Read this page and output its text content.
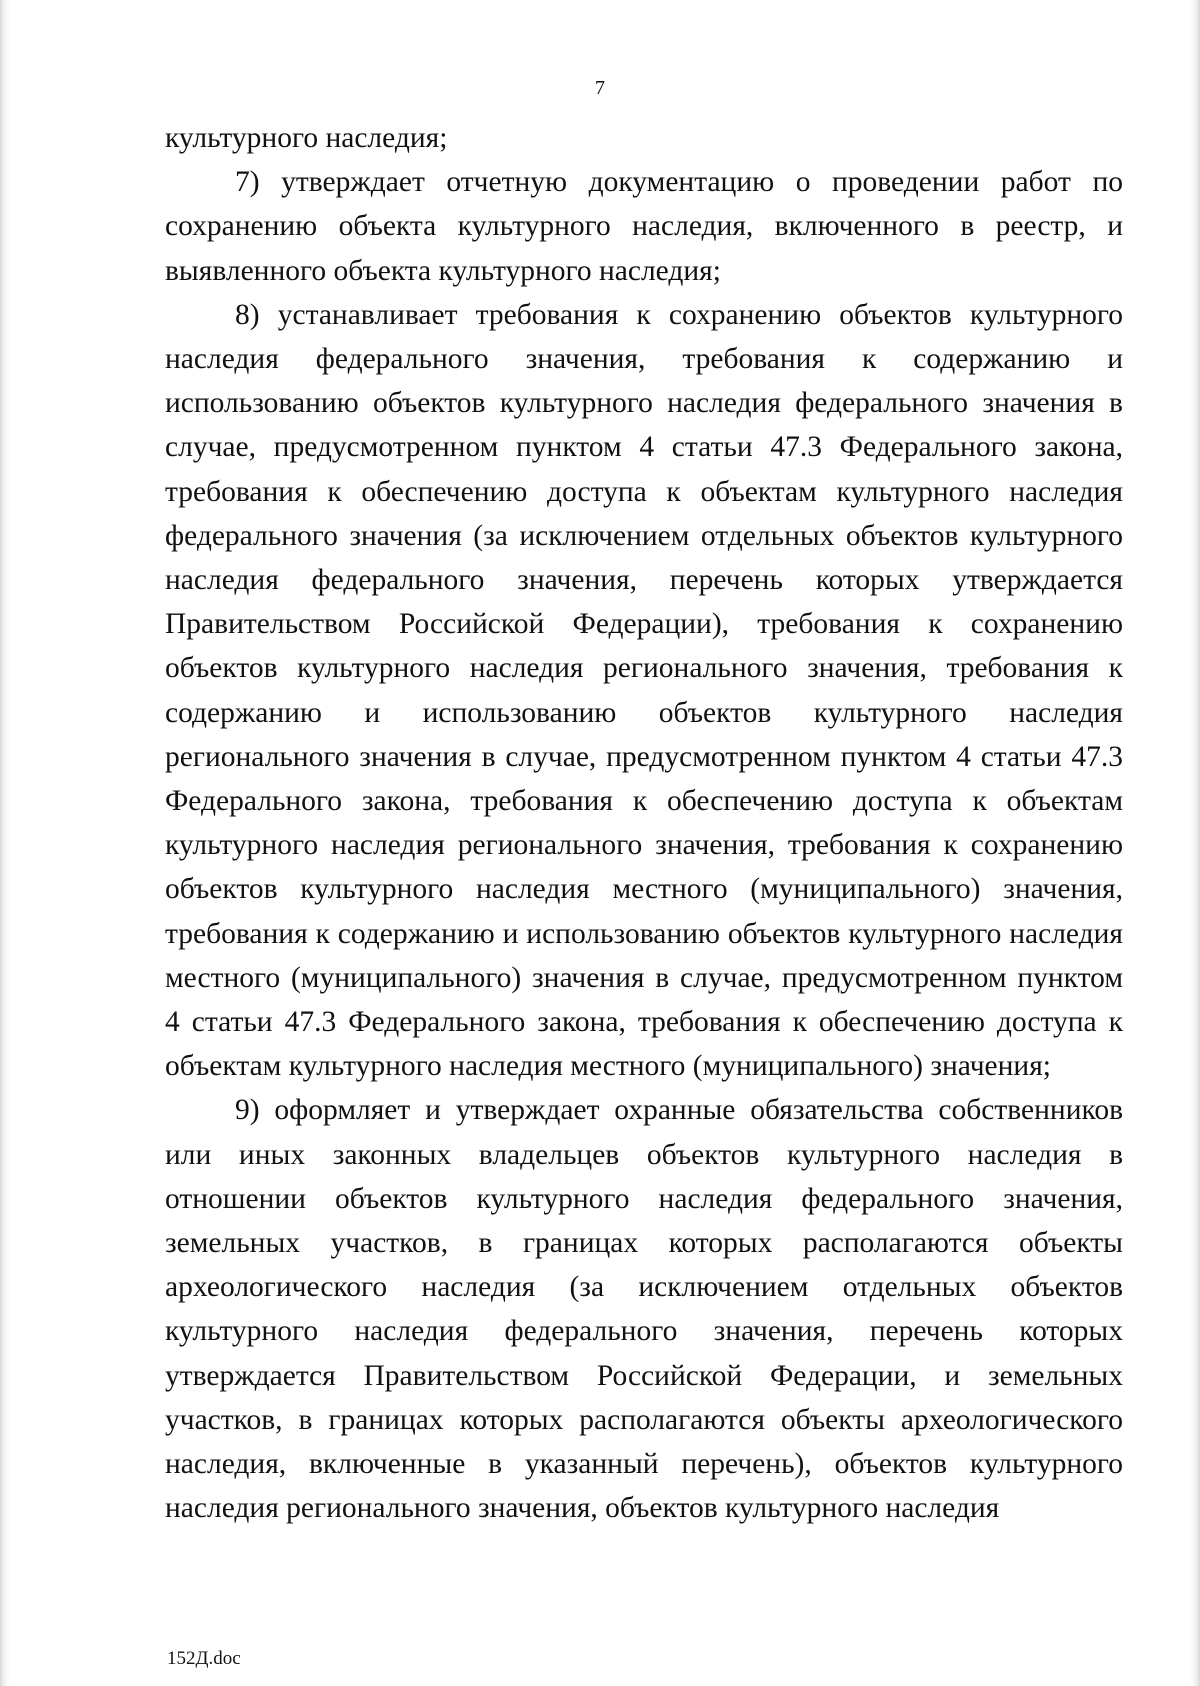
7

культурного наследия;

7) утверждает отчетную документацию о проведении работ по сохранению объекта культурного наследия, включенного в реестр, и выявленного объекта культурного наследия;

8) устанавливает требования к сохранению объектов культурного наследия федерального значения, требования к содержанию и использованию объектов культурного наследия федерального значения в случае, предусмотренном пунктом 4 статьи 47.3 Федерального закона, требования к обеспечению доступа к объектам культурного наследия федерального значения (за исключением отдельных объектов культурного наследия федерального значения, перечень которых утверждается Правительством Российской Федерации), требования к сохранению объектов культурного наследия регионального значения, требования к содержанию и использованию объектов культурного наследия регионального значения в случае, предусмотренном пунктом 4 статьи 47.3 Федерального закона, требования к обеспечению доступа к объектам культурного наследия регионального значения, требования к сохранению объектов культурного наследия местного (муниципального) значения, требования к содержанию и использованию объектов культурного наследия местного (муниципального) значения в случае, предусмотренном пунктом 4 статьи 47.3 Федерального закона, требования к обеспечению доступа к объектам культурного наследия местного (муниципального) значения;

9) оформляет и утверждает охранные обязательства собственников или иных законных владельцев объектов культурного наследия в отношении объектов культурного наследия федерального значения, земельных участков, в границах которых располагаются объекты археологического наследия (за исключением отдельных объектов культурного наследия федерального значения, перечень которых утверждается Правительством Российской Федерации, и земельных участков, в границах которых располагаются объекты археологического наследия, включенные в указанный перечень), объектов культурного наследия регионального значения, объектов культурного наследия

152Д.doc
